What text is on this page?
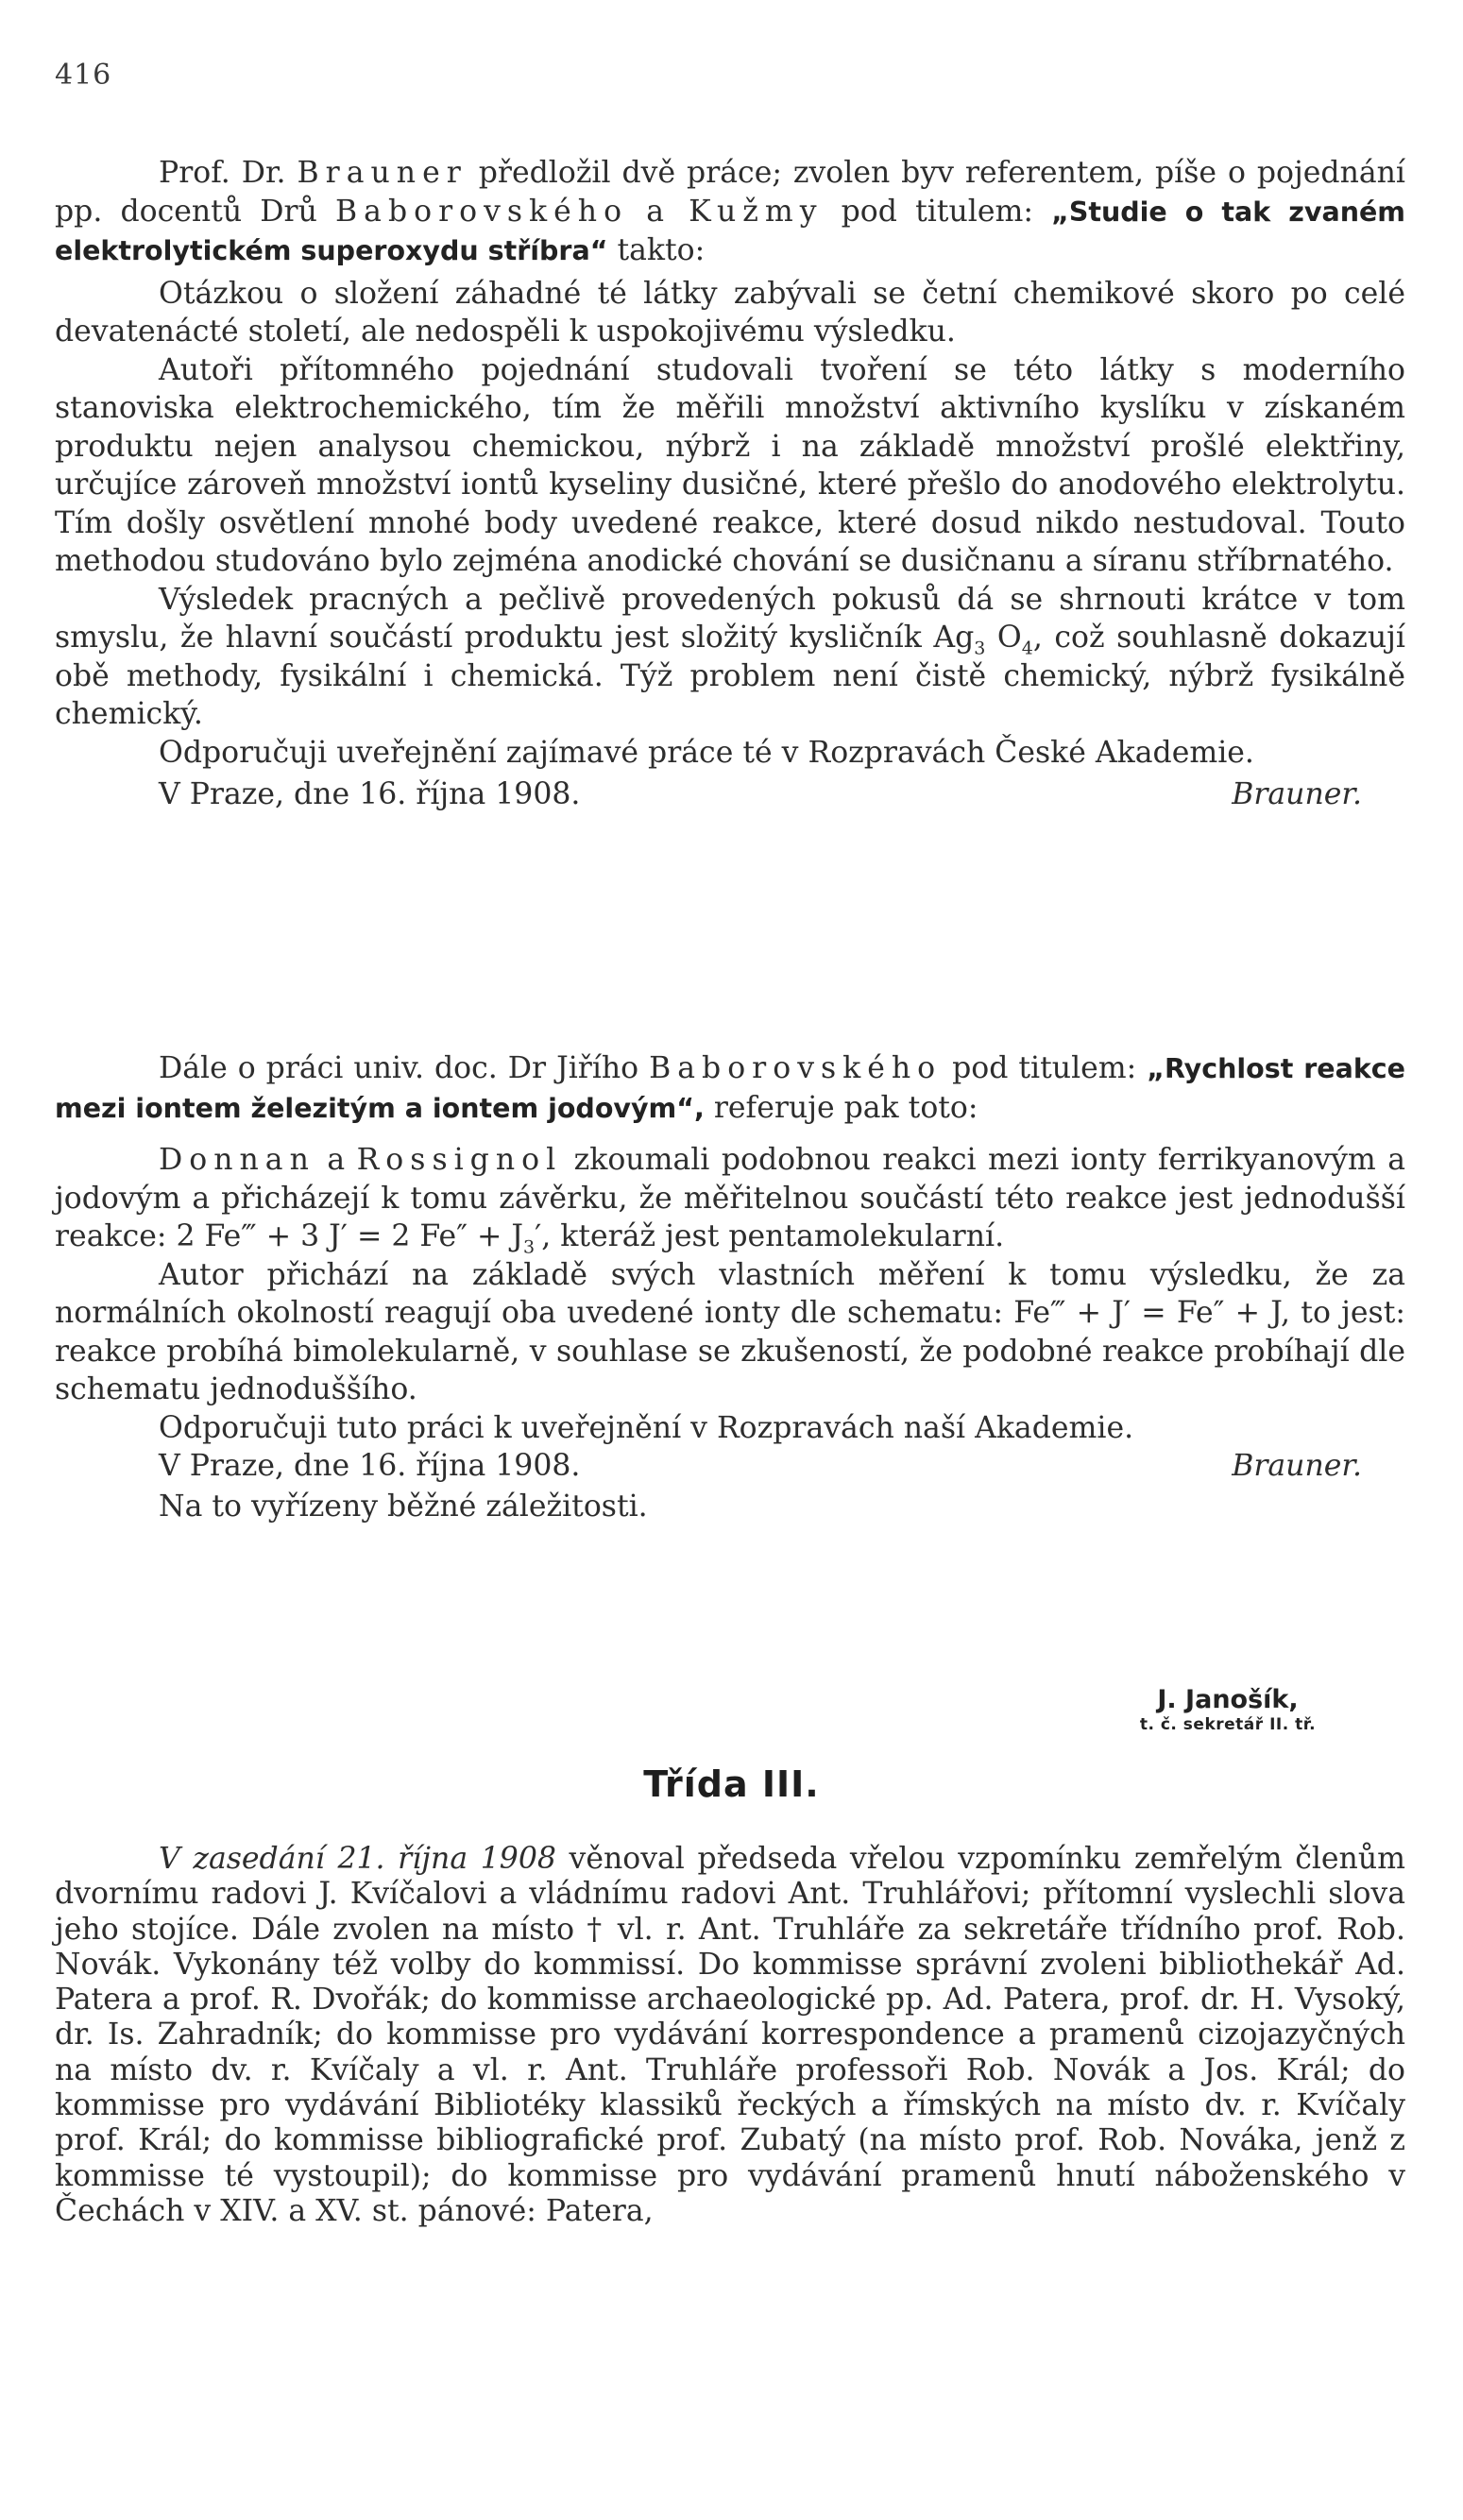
416

Prof. Dr. Brauner předložil dvě práce; zvolen byv referentem, píše o pojednání pp. docentů Drů Baborovského a Kužmy pod titulem: „Studie o tak zvaném elektrolytickém superoxydu stříbra“ takto:

Otázkou o složení záhadné té látky zabývali se četní chemikové skoro po celé devatenácté století, ale nedospěli k uspokojivému výsledku.

Autoři přítomného pojednání studovali tvoření se této látky s moderního stanoviska elektrochemického, tím že měřili množství aktivního kyslíku v získaném produktu nejen analysou chemickou, nýbrž i na základě množství prošlé elektřiny, určujíce zároveň množství iontů kyseliny dusičné, které přešlo do anodového elektrolytu. Tím došly osvětlení mnohé body uvedené reakce, které dosud nikdo nestudoval. Touto methodou studováno bylo zejména anodické chování se dusičnanu a síranu stříbrnatého.

Výsledek pracných a pečlivě provedených pokusů dá se shrnouti krátce v tom smyslu, že hlavní součástí produktu jest složitý kysličník $Ag_3$ $O_4$, což souhlasně dokazují obě methody, fysikální i chemická. Týž problem není čistě chemický, nýbrž fysikálně chemický.

Odporučuji uveřejnění zajímavé práce té v Rozpravách České Akademie.

V Praze, dne 16. října 1908.	Brauner.

Dále o práci univ. doc. Dr Jiřího Baborovského pod titulem: „Rychlost reakce mezi iontem železitým a iontem jodovým“, referuje pak toto:

Donnan a Rossignol zkoumali podobnou reakci mezi ionty ferrikyanovým a jodovým a přicházejí k tomu závěrku, že měřitelnou součástí této reakce jest jednodušší reakce: 2 Fe‴ + 3 J′ = 2 $Fe'' + J_3'$, kteráž jest pentamolekularní.

Autor přichází na základě svých vlastních měření k tomu výsledku, že za normálních okolností reagují oba uvedené ionty dle schematu: Fe‴ + J′ = Fe″ + J, to jest: reakce probíhá bimolekularně, v souhlase se zkušeností, že podobné reakce probíhají dle schematu jednoduššího.

Odporučuji tuto práci k uveřejnění v Rozpravách naší Akademie.

V Praze, dne 16. října 1908.	Brauner.

Na to vyřízeny běžné záležitosti.

J. Janošík,
t. č. sekretář II. tř.
Třída III.

V zasedání 21. října 1908 věnoval předseda vřelou vzpomínku zemřelým členům dvornímu radovi J. Kvíčalovi a vládnímu radovi Ant. Truhlářovi; přítomní vyslechli slova jeho stojíce. Dále zvolen na místo † vl. r. Ant. Truhláře za sekretáře třídního prof. Rob. Novák. Vykonány též volby do kommissí. Do kommisse správní zvoleni bibliothekář Ad. Patera a prof. R. Dvořák; do kommisse archaeologické pp. Ad. Patera, prof. dr. H. Vysoký, dr. Is. Zahradník; do kommisse pro vydávání korrespondence a pramenů cizojazyčných na místo dv. r. Kvíčaly a vl. r. Ant. Truhláře professoři Rob. Novák a Jos. Král; do kommisse pro vydávání Bibliotéky klassiků řeckých a římských na místo dv. r. Kvíčaly prof. Král; do kommisse bibliografické prof. Zubatý (na místo prof. Rob. Nováka, jenž z kommisse té vystoupil); do kommisse pro vydávání pramenů hnutí náboženského v Čechách v XIV. a XV. st. pánové: Patera,
